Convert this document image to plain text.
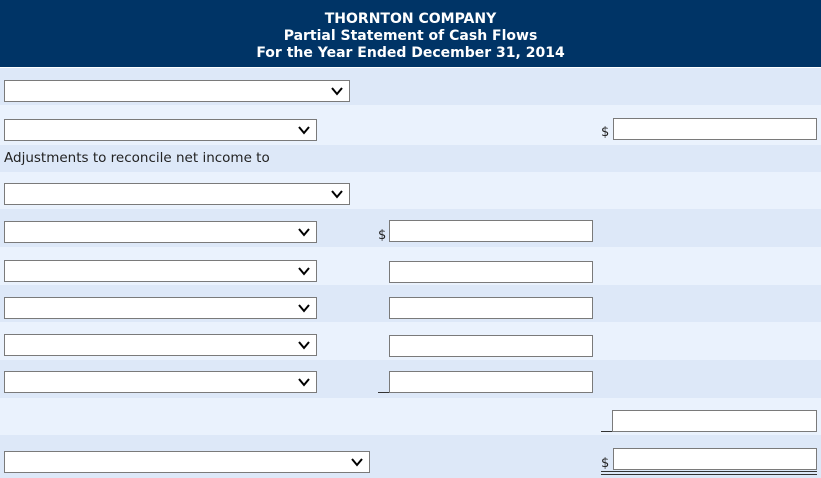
THORNTON COMPANY
Partial Statement of Cash Flows
For the Year Ended December 31, 2014
$
Adjustments to reconcile net income to
$
$
